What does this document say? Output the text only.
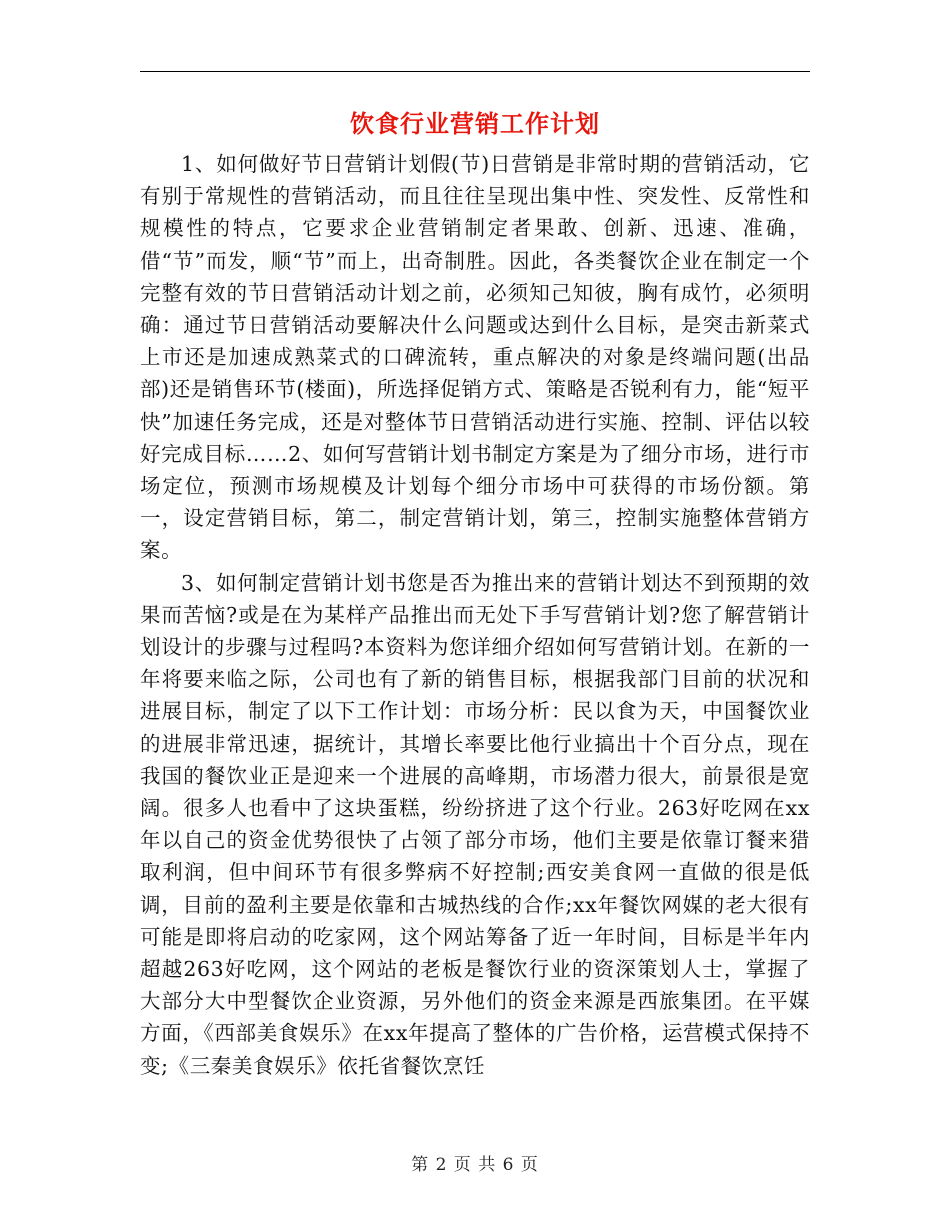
饮食行业营销工作计划

1、如何做好节日营销计划假(节)日营销是非常时期的营销活动，它有别于常规性的营销活动，而且往往呈现出集中性、突发性、反常性和规模性的特点，它要求企业营销制定者果敢、创新、迅速、准确，借“节”而发，顺“节”而上，出奇制胜。因此，各类餐饮企业在制定一个完整有效的节日营销活动计划之前，必须知己知彼，胸有成竹，必须明确：通过节日营销活动要解决什么问题或达到什么目标，是突击新菜式上市还是加速成熟菜式的口碑流转，重点解决的对象是终端问题(出品部)还是销售环节(楼面)，所选择促销方式、策略是否锐利有力，能“短平快”加速任务完成，还是对整体节日营销活动进行实施、控制、评估以较好完成目标……2、如何写营销计划书制定方案是为了细分市场，进行市场定位，预测市场规模及计划每个细分市场中可获得的市场份额。第一，设定营销目标，第二，制定营销计划，第三，控制实施整体营销方案。

3、如何制定营销计划书您是否为推出来的营销计划达不到预期的效果而苦恼?或是在为某样产品推出而无处下手写营销计划?您了解营销计划设计的步骤与过程吗?本资料为您详细介绍如何写营销计划。在新的一年将要来临之际，公司也有了新的销售目标，根据我部门目前的状况和进展目标，制定了以下工作计划：市场分析：民以食为天，中国餐饮业的进展非常迅速，据统计，其增长率要比他行业搞出十个百分点，现在我国的餐饮业正是迎来一个进展的高峰期，市场潜力很大，前景很是宽阔。很多人也看中了这块蛋糕，纷纷挤进了这个行业。263好吃网在xx年以自己的资金优势很快了占领了部分市场，他们主要是依靠订餐来猎取利润，但中间环节有很多弊病不好控制;西安美食网一直做的很是低调，目前的盈利主要是依靠和古城热线的合作;xx年餐饮网媒的老大很有可能是即将启动的吃家网，这个网站筹备了近一年时间，目标是半年内超越263好吃网，这个网站的老板是餐饮行业的资深策划人士，掌握了大部分大中型餐饮企业资源，另外他们的资金来源是西旅集团。在平媒方面，《西部美食娱乐》在xx年提高了整体的广告价格，运营模式保持不变;《三秦美食娱乐》依托省餐饮烹饪

第 2 页 共 6 页
